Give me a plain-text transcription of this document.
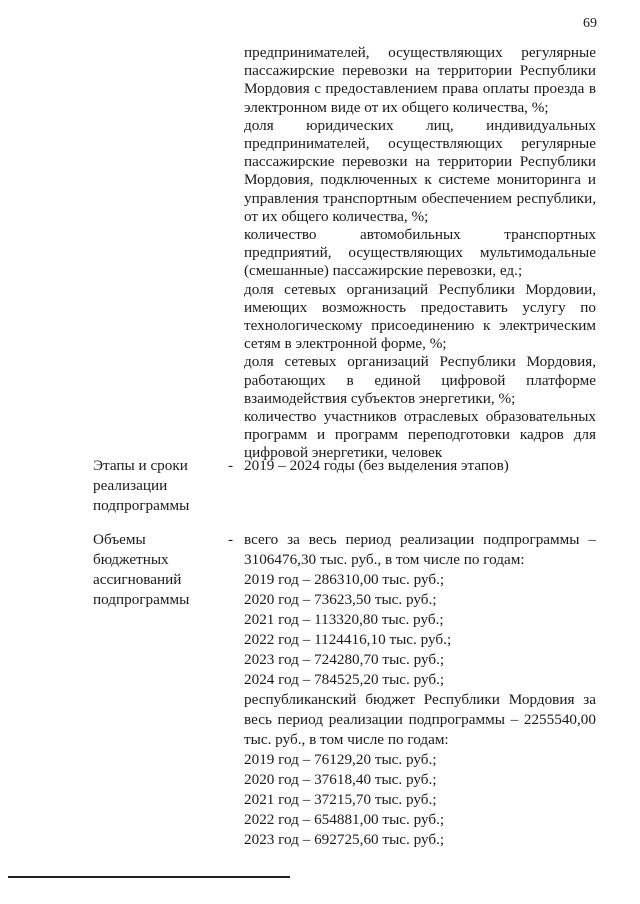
69

предпринимателей, осуществляющих регулярные пассажирские перевозки на территории Республики Мордовия с предоставлением права оплаты проезда в электронном виде от их общего количества, %;

доля юридических лиц, индивидуальных предпринимателей, осуществляющих регулярные пассажирские перевозки на территории Республики Мордовия, подключенных к системе мониторинга и управления транспортным обеспечением республики, от их общего количества, %;

количество автомобильных транспортных предприятий, осуществляющих мультимодальные (смешанные) пассажирские перевозки, ед.;

доля сетевых организаций Республики Мордовии, имеющих возможность предоставить услугу по технологическому присоединению к электрическим сетям в электронной форме, %;

доля сетевых организаций Республики Мордовия, работающих в единой цифровой платформе взаимодействия субъектов энергетики, %;

количество участников отраслевых образовательных программ и программ переподготовки кадров для цифровой энергетики, человек

Этапы и сроки
реализации
подпрограммы
- 2019 – 2024 годы (без выделения этапов)
Объемы
бюджетных
ассигнований
подпрограммы
- всего за весь период реализации подпрограммы – 3106476,30 тыс. руб., в том числе по годам:
2019 год – 286310,00 тыс. руб.;
2020 год – 73623,50 тыс. руб.;
2021 год – 113320,80 тыс. руб.;
2022 год – 1124416,10 тыс. руб.;
2023 год – 724280,70 тыс. руб.;
2024 год – 784525,20 тыс. руб.;
республиканский бюджет Республики Мордовия за весь период реализации подпрограммы – 2255540,00 тыс. руб., в том числе по годам:
2019 год – 76129,20 тыс. руб.;
2020 год – 37618,40 тыс. руб.;
2021 год – 37215,70 тыс. руб.;
2022 год – 654881,00 тыс. руб.;
2023 год – 692725,60 тыс. руб.;
